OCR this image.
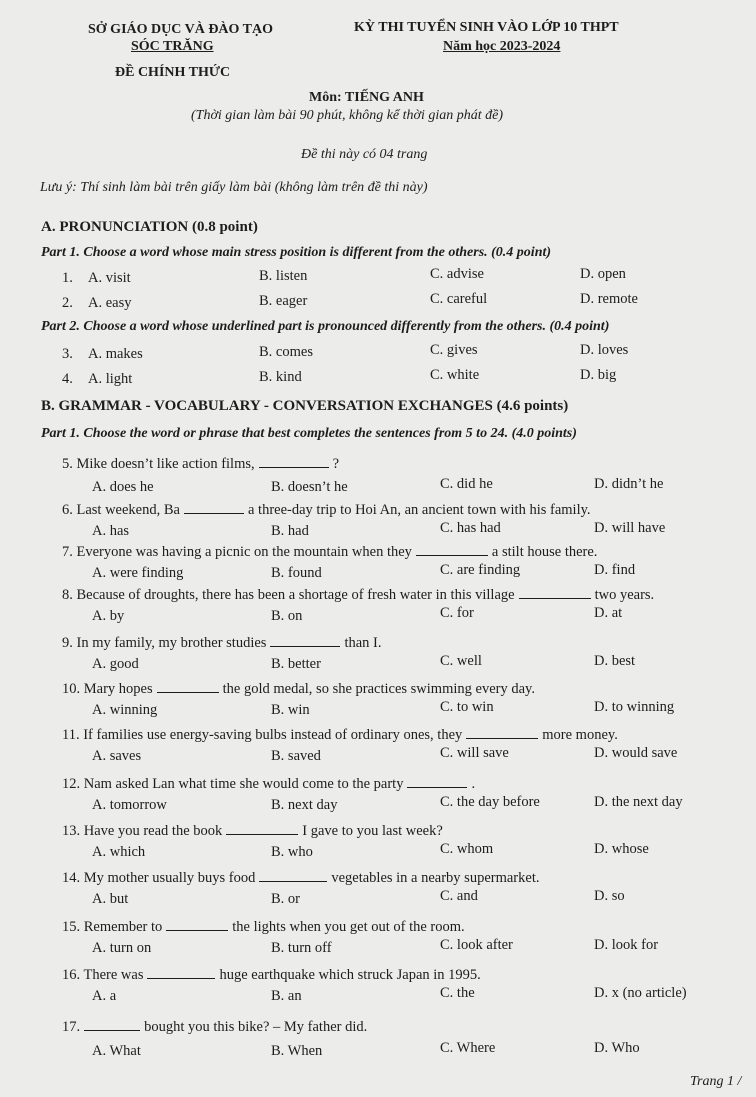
SỞ GIÁO DỤC VÀ ĐÀO TẠO
SÓC TRĂNG
KỲ THI TUYỂN SINH VÀO LỚP 10 THPT
Năm học 2023-2024
ĐỀ CHÍNH THỨC
Môn: TIẾNG ANH
(Thời gian làm bài 90 phút, không kể thời gian phát đề)
Đề thi này có 04 trang
Lưu ý: Thí sinh làm bài trên giấy làm bài (không làm trên đề thi này)
A. PRONUNCIATION (0.8 point)
Part 1. Choose a word whose main stress position is different from the others. (0.4 point)
1. A. visit	B. listen	C. advise	D. open
2. A. easy	B. eager	C. careful	D. remote
Part 2. Choose a word whose underlined part is pronounced differently from the others. (0.4 point)
3. A. makes	B. comes	C. gives	D. loves
4. A. light	B. kind	C. white	D. big
B. GRAMMAR - VOCABULARY - CONVERSATION EXCHANGES (4.6 points)
Part 1. Choose the word or phrase that best completes the sentences from 5 to 24. (4.0 points)
5. Mike doesn’t like action films,	?
A. does he	B. doesn’t he	C. did he	D. didn’t he
6. Last weekend, Ba	a three-day trip to Hoi An, an ancient town with his family.
A. has	B. had	C. has had	D. will have
7. Everyone was having a picnic on the mountain when they	a stilt house there.
A. were finding	B. found	C. are finding	D. find
8. Because of droughts, there has been a shortage of fresh water in this village	two years.
A. by	B. on	C. for	D. at
9. In my family, my brother studies	than I.
A. good	B. better	C. well	D. best
10. Mary hopes	the gold medal, so she practices swimming every day.
A. winning	B. win	C. to win	D. to winning
11. If families use energy-saving bulbs instead of ordinary ones, they	more money.
A. saves	B. saved	C. will save	D. would save
12. Nam asked Lan what time she would come to the party	.
A. tomorrow	B. next day	C. the day before	D. the next day
13. Have you read the book	I gave to you last week?
A. which	B. who	C. whom	D. whose
14. My mother usually buys food	vegetables in a nearby supermarket.
A. but	B. or	C. and	D. so
15. Remember to	the lights when you get out of the room.
A. turn on	B. turn off	C. look after	D. look for
16. There was	huge earthquake which struck Japan in 1995.
A. a	B. an	C. the	D. x (no article)
17.	bought you this bike? – My father did.
A. What	B. When	C. Where	D. Who
Trang 1 /
